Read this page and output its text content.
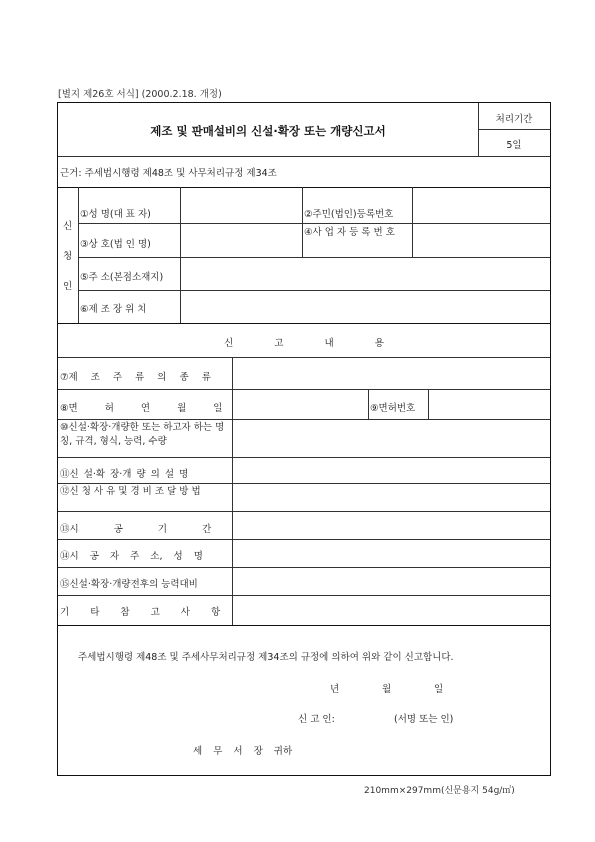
[별지 제26호 서식] (2000.2.18. 개정)
제조 및 판매설비의 신설·확장 또는 개량신고서
처리기간
5일
근거: 주세법시행령 제48조 및 사무처리규정 제34조
신
청
인
①성 명(대 표 자)	②주민(법인)등록번호
③상 호(법 인 명)
④사 업 자 등 록 번 호
⑤주 소(본점소재지)
⑥제 조 장 위 치
신 고 내 용
⑦제 조 주 류 의 종 류
⑧면 허 연 월 일	⑨면허번호
⑩신설·확장·개량한 또는 하고자 하는 명칭, 규격, 형식, 능력, 수량
⑪신 설·확 장·개 량 의 설 명
⑫신 청 사 유 및 경 비 조 달 방 법
⑬시 공 기 간
⑭시 공 자 주 소, 성 명
⑮신설·확장·개량전후의 능력대비
기 타 참 고 사 항
주세법시행령 제48조 및 주세사무처리규정 제34조의 규정에 의하여 위와 같이 신고합니다.
년	월	일
신 고 인:	(서명 또는 인)
세 무 서 장 귀하
210mm×297mm(신문용지 54g/㎡)
